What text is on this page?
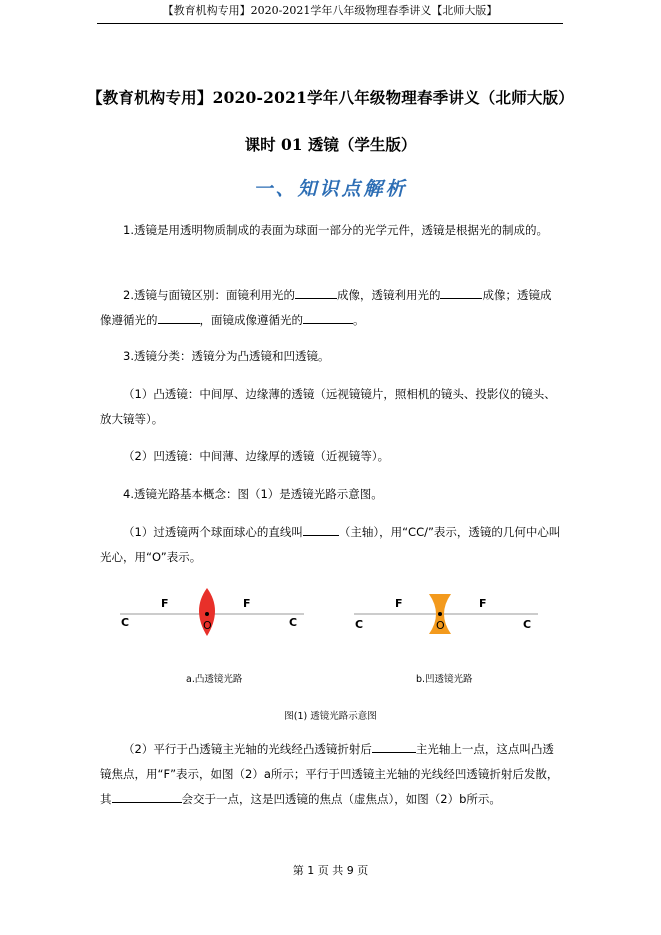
【教育机构专用】2020-2021学年八年级物理春季讲义【北师大版】
【教育机构专用】2020-2021学年八年级物理春季讲义（北师大版）
课时 01 透镜（学生版）
一、知识点解析
1.透镜是用透明物质制成的表面为球面一部分的光学元件，透镜是根据光的制成的。
2.透镜与面镜区别：面镜利用光的	成像，透镜利用光的	成像；透镜成像遵循光的	，面镜成像遵循光的	。
3.透镜分类：透镜分为凸透镜和凹透镜。
（1）凸透镜：中间厚、边缘薄的透镜（远视镜镜片，照相机的镜头、投影仪的镜头、放大镜等）。
（2）凹透镜：中间薄、边缘厚的透镜（近视镜等）。
4.透镜光路基本概念：图（1）是透镜光路示意图。
（1）过透镜两个球面球心的直线叫	（主轴），用“CC/”表示，透镜的几何中心叫光心，用“O”表示。
C	C
F	F
O	C	C
F	F
O
a.凸透镜光路	b.凹透镜光路
图(1) 透镜光路示意图
（2）平行于凸透镜主光轴的光线经凸透镜折射后	主光轴上一点，这点叫凸透镜焦点，用“F”表示，如图（2）a所示；平行于凹透镜主光轴的光线经凹透镜折射后发散，其	会交于一点，这是凹透镜的焦点（虚焦点），如图（2）b所示。
第 1 页 共 9 页
